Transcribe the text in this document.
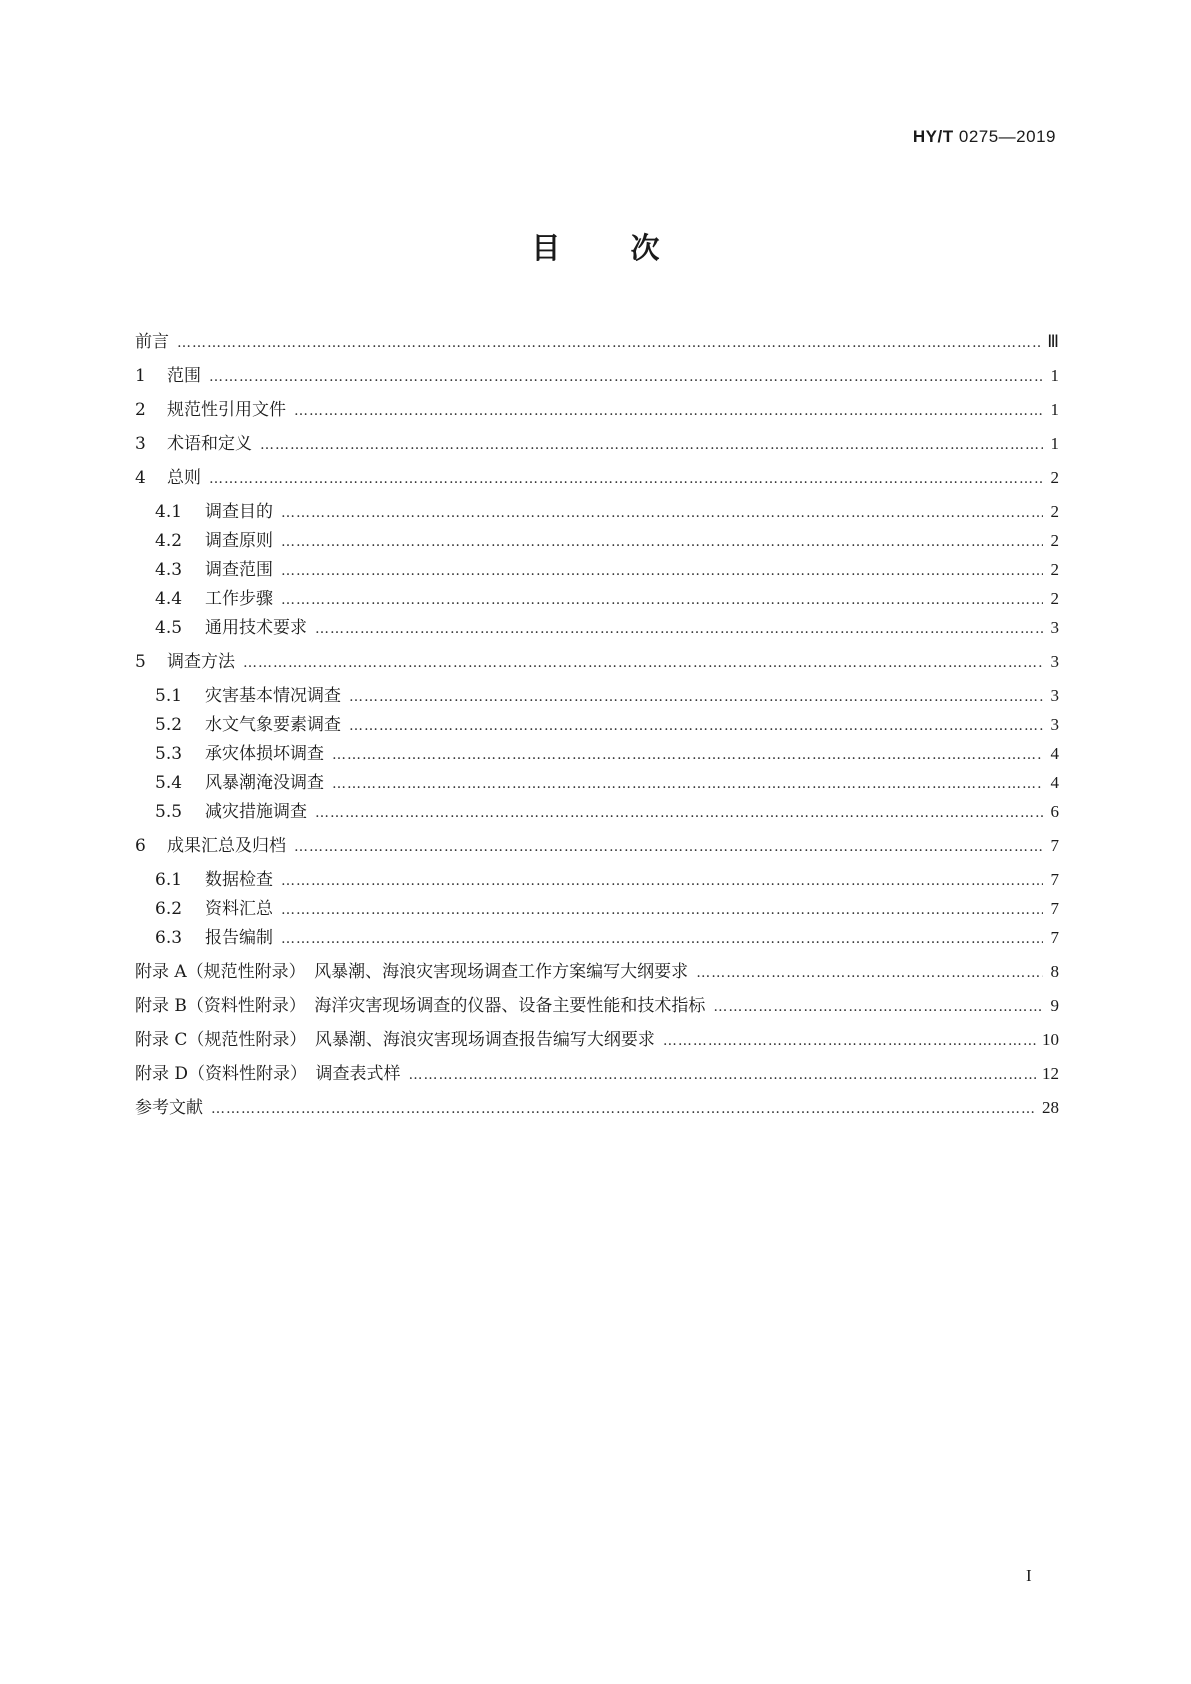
HY/T 0275—2019
目 次
前言 …………………………………………………………………………………………………………………………………………………………………………………………………………………………	Ⅲ
1	范围 …………………………………………………………………………………………………………………………………………………………………………………………………………………………	1
2	规范性引用文件 …………………………………………………………………………………………………………………………………………………………………………………………………………………………	1
3	术语和定义 …………………………………………………………………………………………………………………………………………………………………………………………………………………………	1
4	总则 …………………………………………………………………………………………………………………………………………………………………………………………………………………………	2
4.1	调查目的 …………………………………………………………………………………………………………………………………………………………………………………………………………………………	2
4.2	调查原则 …………………………………………………………………………………………………………………………………………………………………………………………………………………………	2
4.3	调查范围 …………………………………………………………………………………………………………………………………………………………………………………………………………………………	2
4.4	工作步骤 …………………………………………………………………………………………………………………………………………………………………………………………………………………………	2
4.5	通用技术要求 …………………………………………………………………………………………………………………………………………………………………………………………………………………………	3
5	调查方法 …………………………………………………………………………………………………………………………………………………………………………………………………………………………	3
5.1	灾害基本情况调查 …………………………………………………………………………………………………………………………………………………………………………………………………………………………	3
5.2	水文气象要素调查 …………………………………………………………………………………………………………………………………………………………………………………………………………………………	3
5.3	承灾体损坏调查 …………………………………………………………………………………………………………………………………………………………………………………………………………………………	4
5.4	风暴潮淹没调查 …………………………………………………………………………………………………………………………………………………………………………………………………………………………	4
5.5	减灾措施调查 …………………………………………………………………………………………………………………………………………………………………………………………………………………………	6
6	成果汇总及归档 …………………………………………………………………………………………………………………………………………………………………………………………………………………………	7
6.1	数据检查 …………………………………………………………………………………………………………………………………………………………………………………………………………………………	7
6.2	资料汇总 …………………………………………………………………………………………………………………………………………………………………………………………………………………………	7
6.3	报告编制 …………………………………………………………………………………………………………………………………………………………………………………………………………………………	7
附录 A（规范性附录）　风暴潮、海浪灾害现场调查工作方案编写大纲要求 …………………………………………………………………………………………………………………………………………………………………………………………………………………………	8
附录 B（资料性附录）　海洋灾害现场调查的仪器、设备主要性能和技术指标 …………………………………………………………………………………………………………………………………………………………………………………………………………………………	9
附录 C（规范性附录）　风暴潮、海浪灾害现场调查报告编写大纲要求 …………………………………………………………………………………………………………………………………………………………………………………………………………………………	10
附录 D（资料性附录）　调查表式样 …………………………………………………………………………………………………………………………………………………………………………………………………………………………	12
参考文献 …………………………………………………………………………………………………………………………………………………………………………………………………………………………	28
I
